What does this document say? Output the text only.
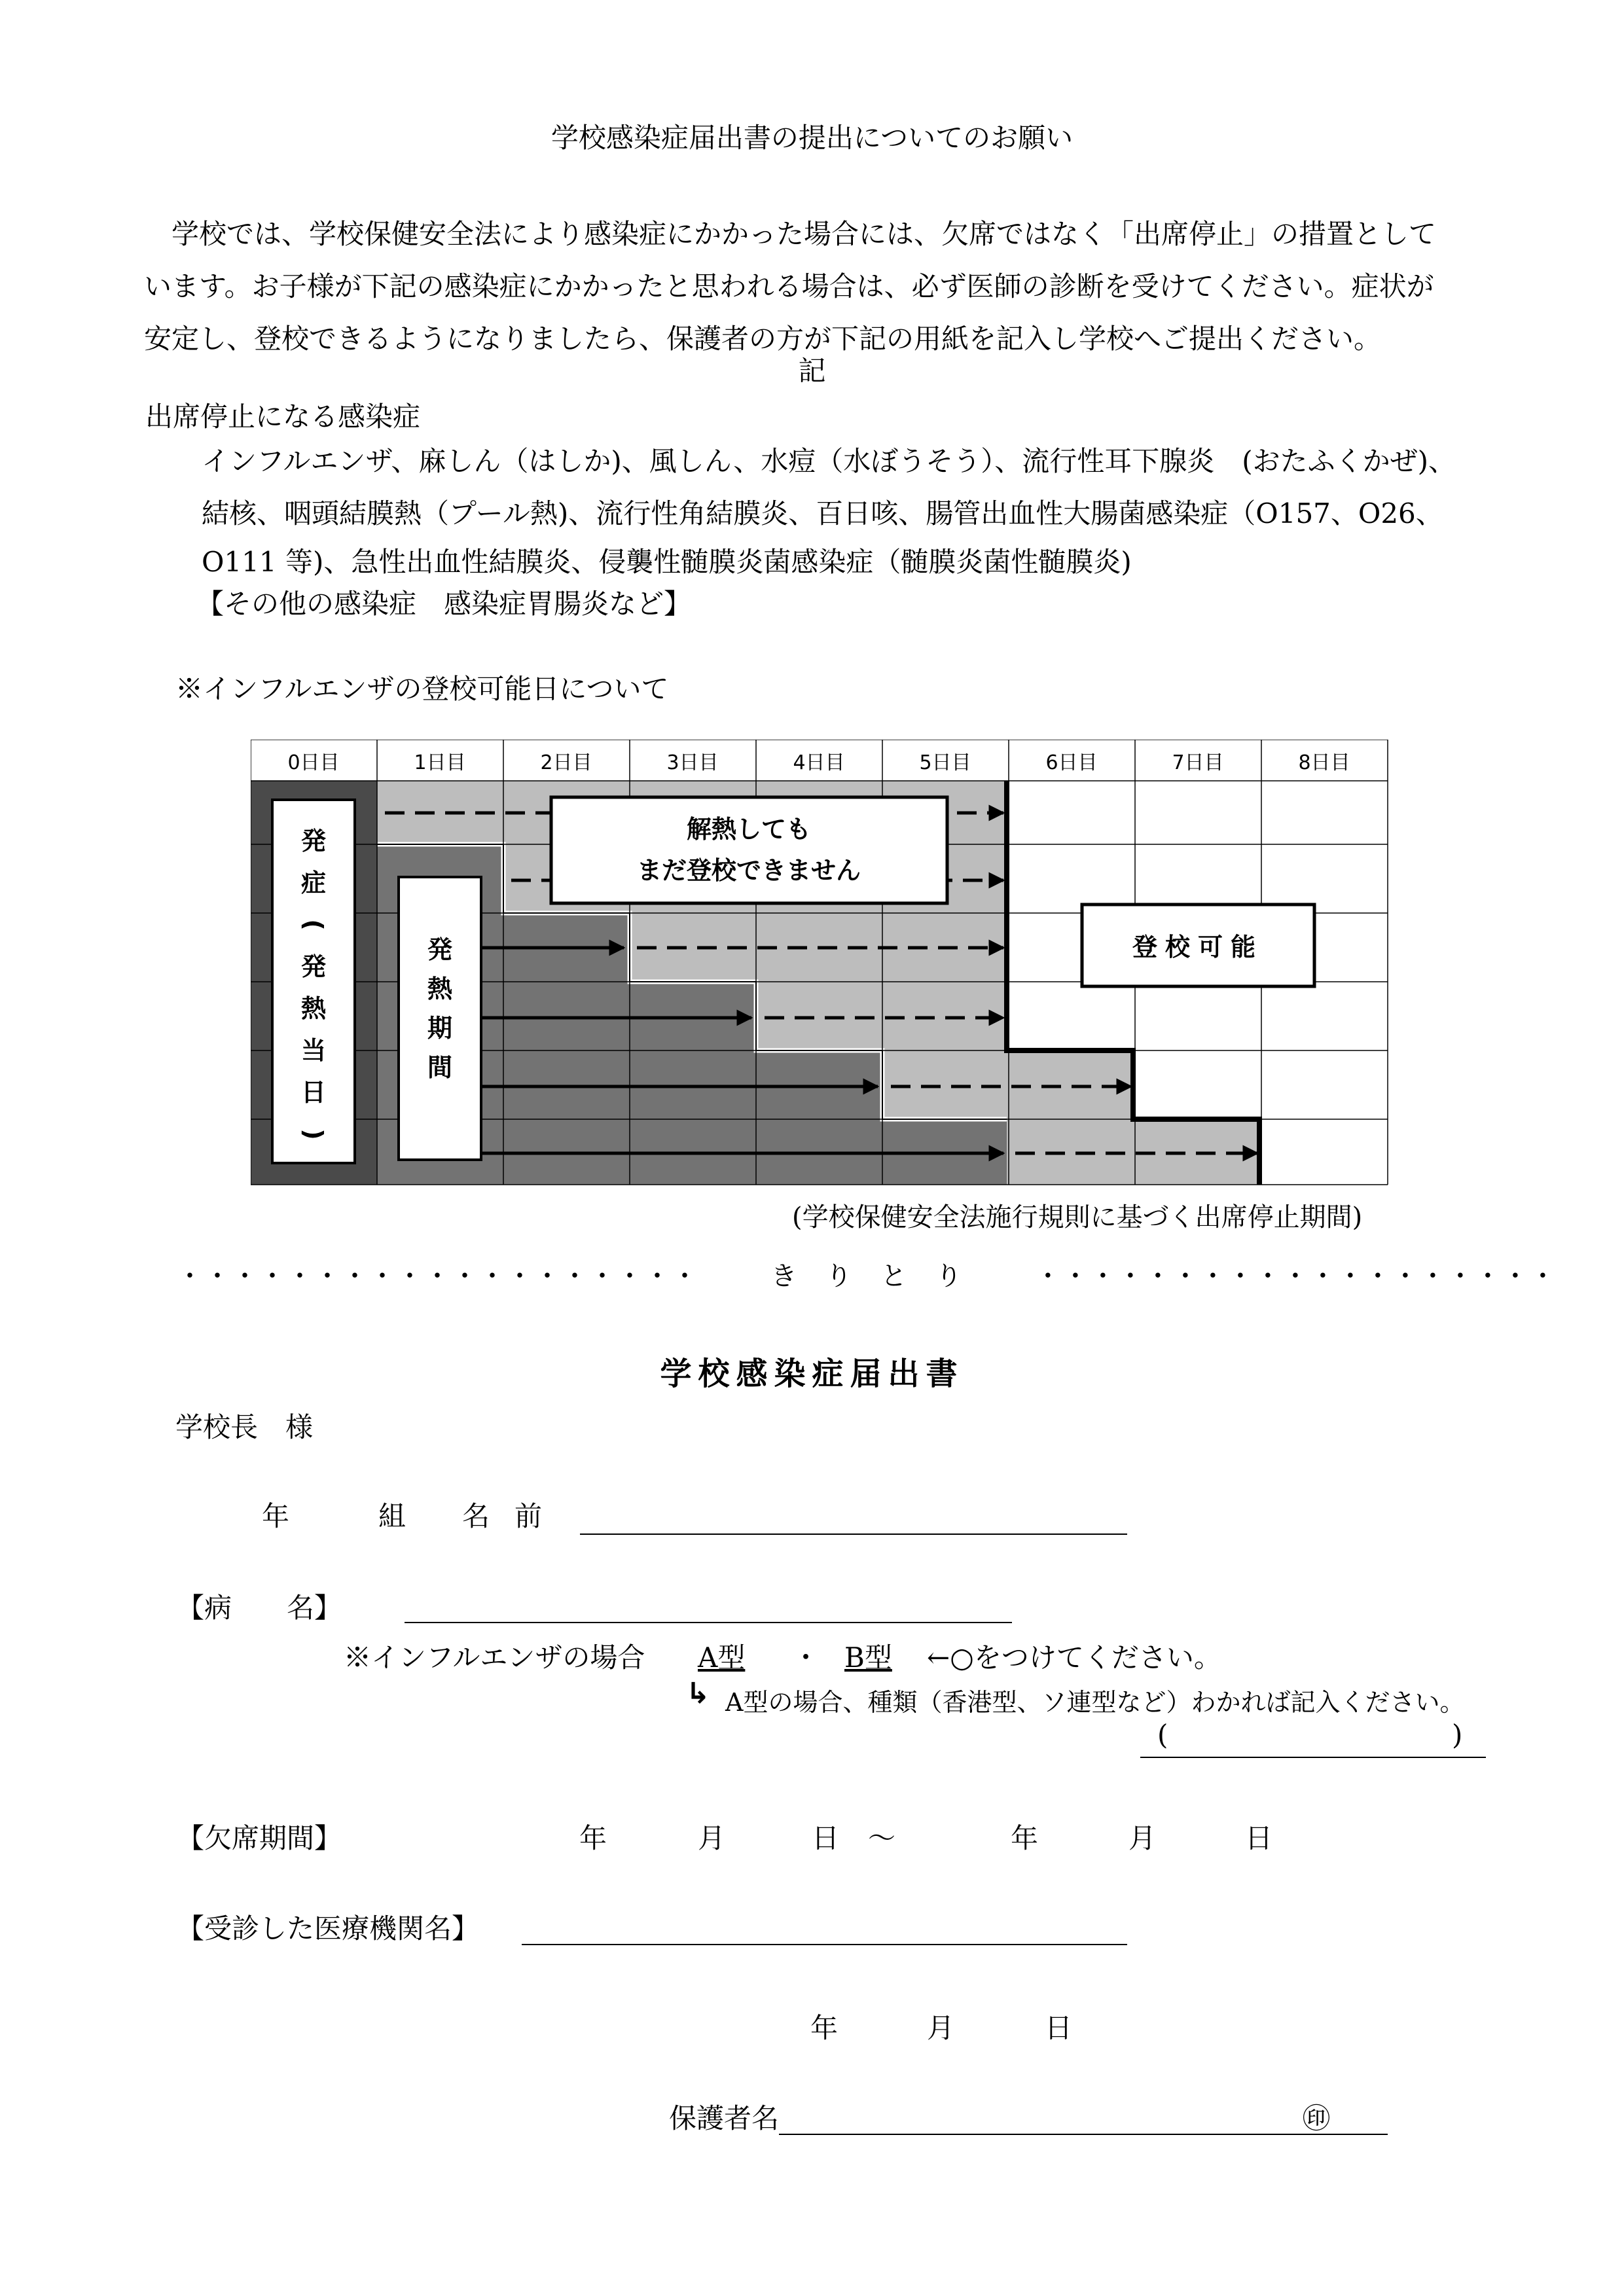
学校感染症届出書の提出についてのお願い
　学校では、学校保健安全法により感染症にかかった場合には、欠席ではなく「出席停止」の措置として
います。お子様が下記の感染症にかかったと思われる場合は、必ず医師の診断を受けてください。症状が
安定し、登校できるようになりましたら、保護者の方が下記の用紙を記入し学校へご提出ください。
記
出席停止になる感染症
インフルエンザ、麻しん（はしか)、風しん、水痘（水ぼうそう）、流行性耳下腺炎　(おたふくかぜ)、
結核、咽頭結膜熱（プール熱)、流行性角結膜炎、百日咳、腸管出血性大腸菌感染症（O157、O26、
O111 等)、急性出血性結膜炎、侵襲性髄膜炎菌感染症（髄膜炎菌性髄膜炎)
【その他の感染症　感染症胃腸炎など】
※インフルエンザの登校可能日について
0日目	1日目	2日目	3日目	4日目	5日目	6日目	7日目	8日目
発
症
(
発
熱
当
日
)
発
熱
期
間
解熱しても
まだ登校できません
登校可能
(学校保健安全法施行規則に基づく出席停止期間)
・・・・・・・・・・・・・・・・・・・	き　り　と　り	・・・・・・・・・・・・・・・・・・・
学校感染症届出書
学校長　様
年	組 名前
【病　　名】
※インフルエンザの場合 A型 ・ B型 ←○をつけてください。
↳ A型の場合、種類（香港型、ソ連型など）わかれば記入ください。
(	)
【欠席期間】	年	月	日 ～	年	月	日
【受診した医療機関名】
年	月	日
保護者名	㊞
